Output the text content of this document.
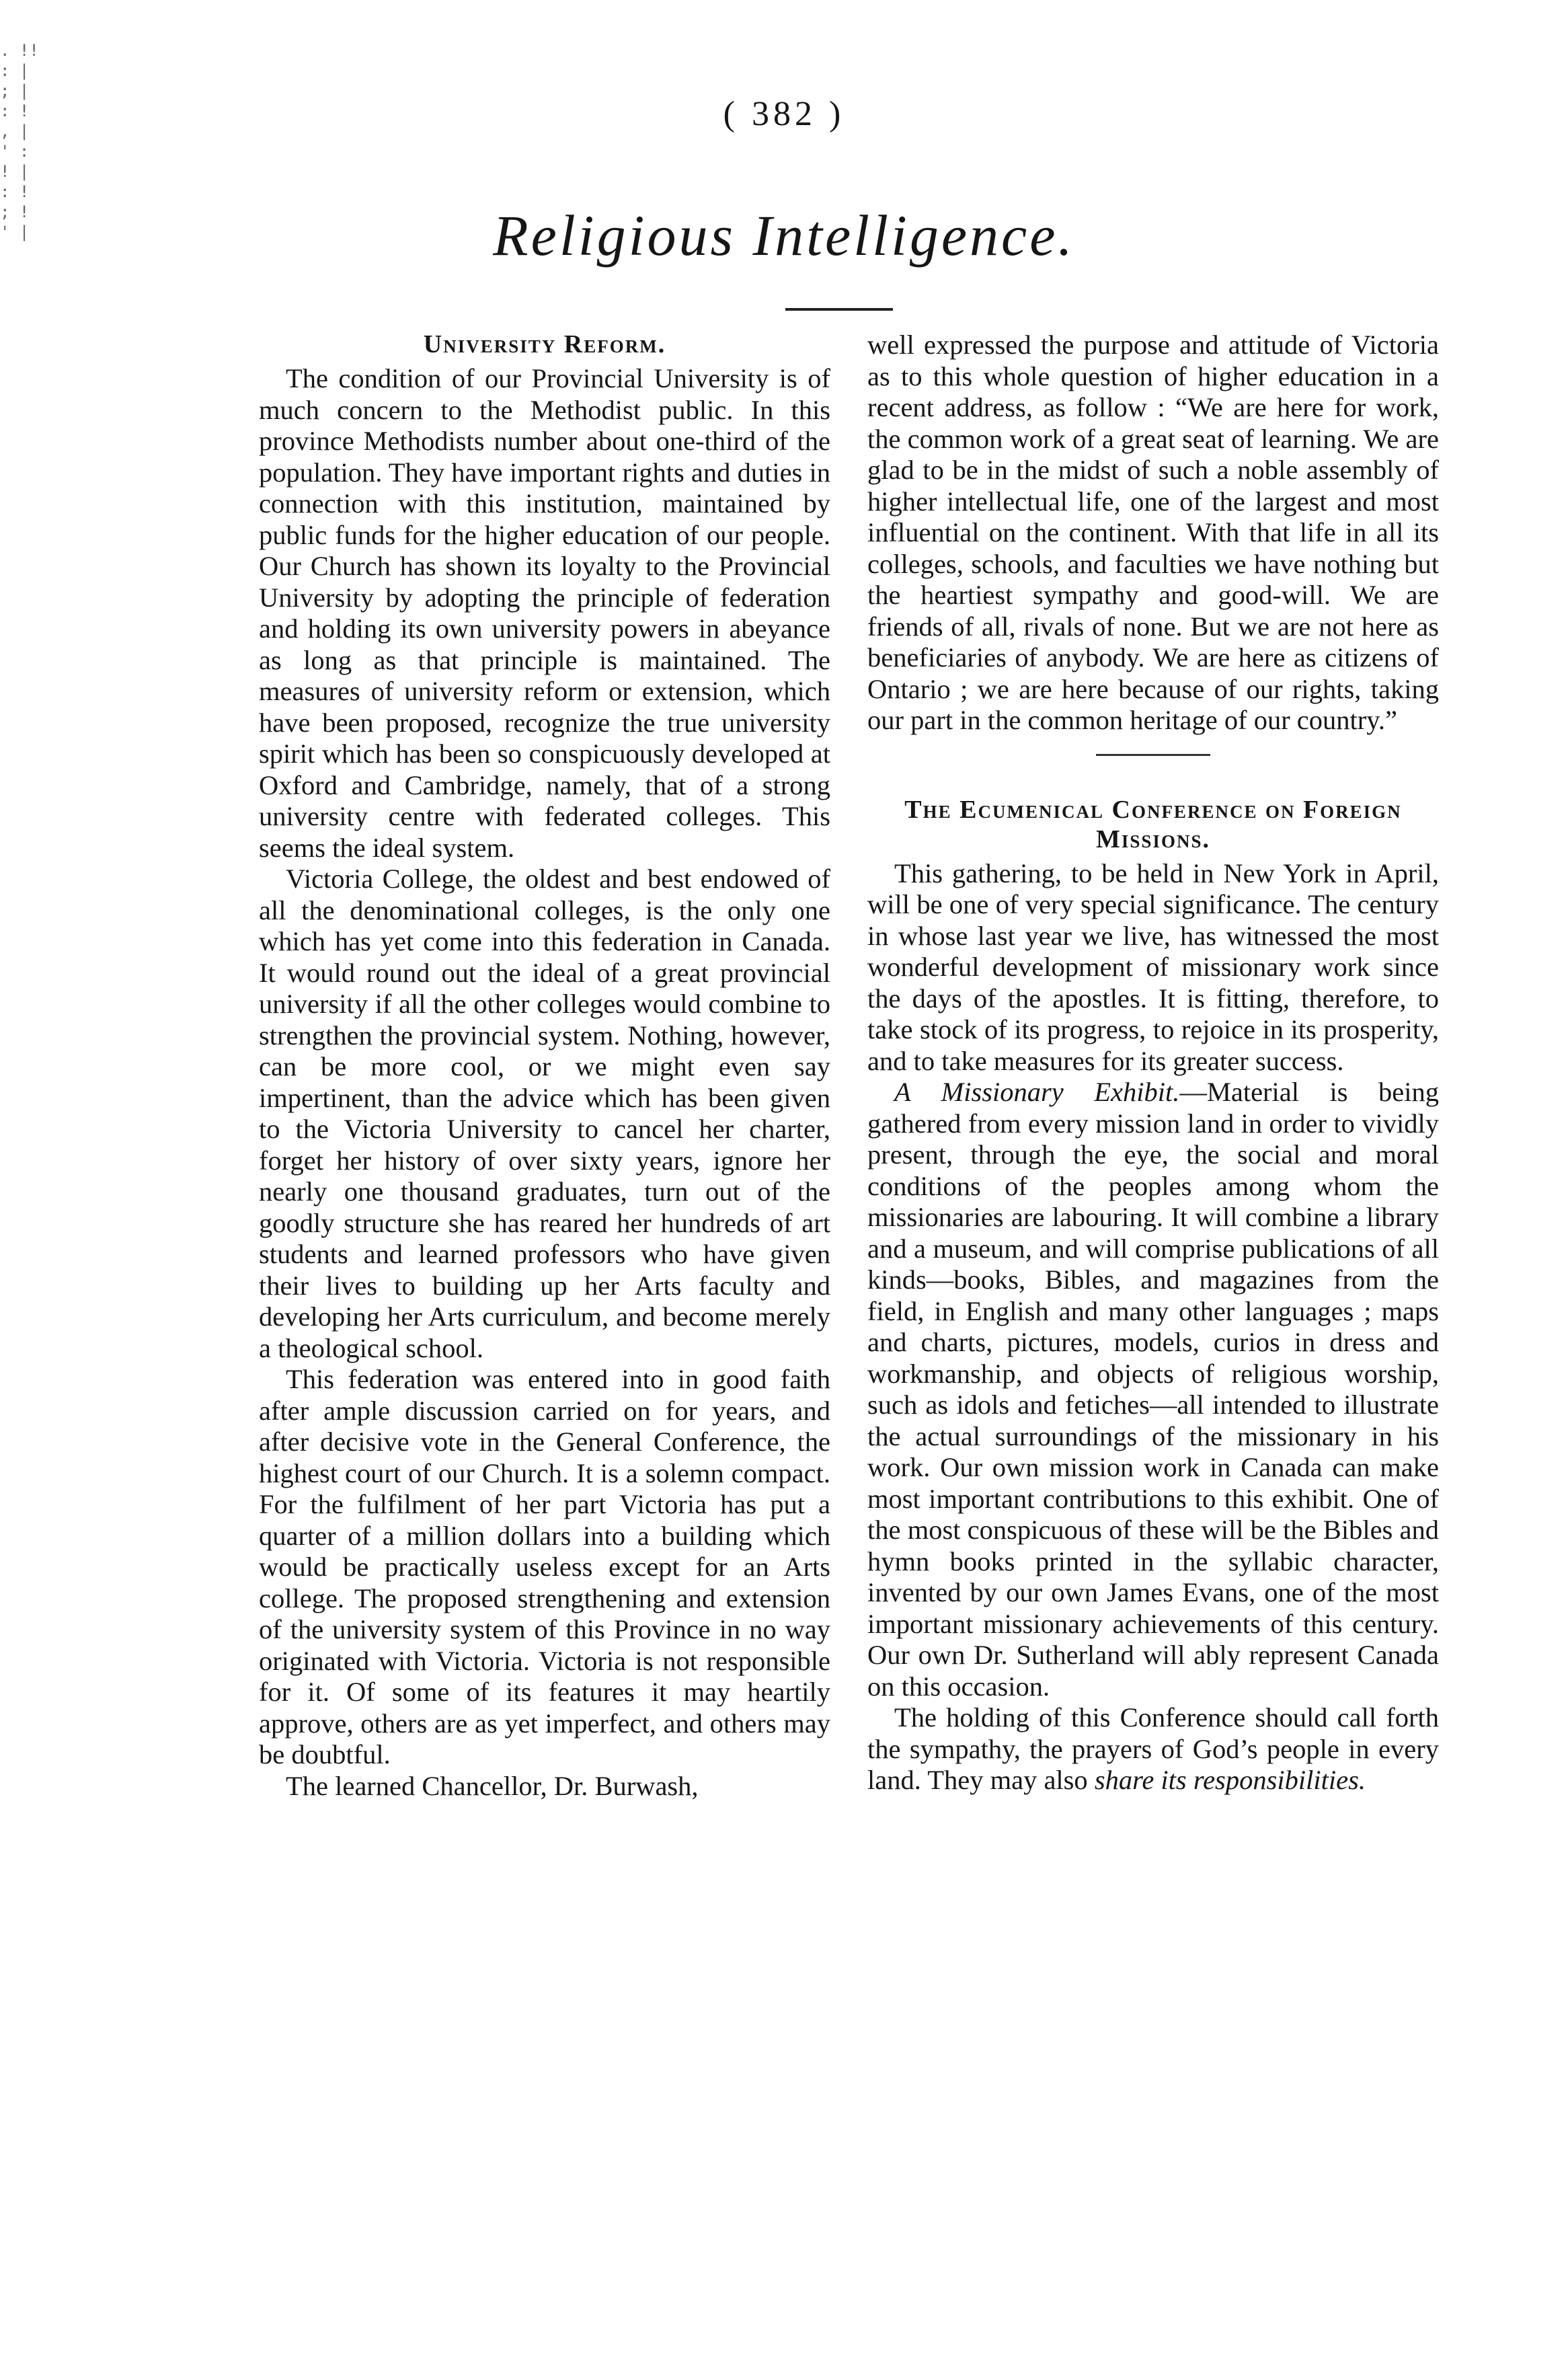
. !!
: |
; |
: !
, |
' :
! |
: !
; !
' |
( 382 )
Religious Intelligence.
University Reform.

The condition of our Provincial University is of much concern to the Methodist public. In this province Methodists number about one-third of the population. They have important rights and duties in connection with this institution, maintained by public funds for the higher education of our people. Our Church has shown its loyalty to the Provincial University by adopting the principle of federation and holding its own university powers in abeyance as long as that principle is maintained. The measures of university reform or extension, which have been proposed, recognize the true university spirit which has been so conspicuously developed at Oxford and Cambridge, namely, that of a strong university centre with federated colleges. This seems the ideal system.

Victoria College, the oldest and best endowed of all the denominational colleges, is the only one which has yet come into this federation in Canada. It would round out the ideal of a great provincial university if all the other colleges would combine to strengthen the provincial system. Nothing, however, can be more cool, or we might even say impertinent, than the advice which has been given to the Victoria University to cancel her charter, forget her history of over sixty years, ignore her nearly one thousand graduates, turn out of the goodly structure she has reared her hundreds of art students and learned professors who have given their lives to building up her Arts faculty and developing her Arts curriculum, and become merely a theological school.

This federation was entered into in good faith after ample discussion carried on for years, and after decisive vote in the General Conference, the highest court of our Church. It is a solemn compact. For the fulfilment of her part Victoria has put a quarter of a million dollars into a building which would be practically useless except for an Arts college. The proposed strengthening and extension of the university system of this Province in no way originated with Victoria. Victoria is not responsible for it. Of some of its features it may heartily approve, others are as yet imperfect, and others may be doubtful.

The learned Chancellor, Dr. Burwash,

well expressed the purpose and attitude of Victoria as to this whole question of higher education in a recent address, as follow : “We are here for work, the common work of a great seat of learning. We are glad to be in the midst of such a noble assembly of higher intellectual life, one of the largest and most influential on the continent. With that life in all its colleges, schools, and faculties we have nothing but the heartiest sympathy and good-will. We are friends of all, rivals of none. But we are not here as beneficiaries of anybody. We are here as citizens of Ontario ; we are here because of our rights, taking our part in the common heritage of our country.”

The Ecumenical Conference on Foreign Missions.

This gathering, to be held in New York in April, will be one of very special significance. The century in whose last year we live, has witnessed the most wonderful development of missionary work since the days of the apostles. It is fitting, therefore, to take stock of its progress, to rejoice in its prosperity, and to take measures for its greater success.

A Missionary Exhibit.—Material is being gathered from every mission land in order to vividly present, through the eye, the social and moral conditions of the peoples among whom the missionaries are labouring. It will combine a library and a museum, and will comprise publications of all kinds—books, Bibles, and magazines from the field, in English and many other languages ; maps and charts, pictures, models, curios in dress and workmanship, and objects of religious worship, such as idols and fetiches—all intended to illustrate the actual surroundings of the missionary in his work. Our own mission work in Canada can make most important contributions to this exhibit. One of the most conspicuous of these will be the Bibles and hymn books printed in the syllabic character, invented by our own James Evans, one of the most important missionary achievements of this century. Our own Dr. Sutherland will ably represent Canada on this occasion.

The holding of this Conference should call forth the sympathy, the prayers of God’s people in every land. They may also share its responsibilities.
